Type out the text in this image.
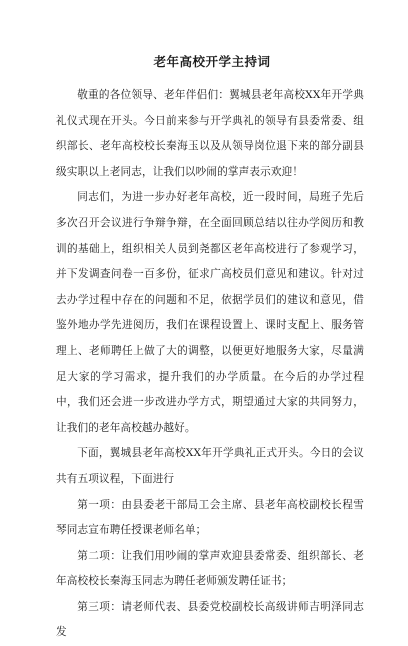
老年高校开学主持词

敬重的各位领导、老年伴侣们：翼城县老年高校XX年开学典礼仪式现在开头。今日前来参与开学典礼的领导有县委常委、组织部长、老年高校校长秦海玉以及从领导岗位退下来的部分副县级实职以上老同志，让我们以吵闹的掌声表示欢迎！

同志们，为进一步办好老年高校，近一段时间，局班子先后多次召开会议进行争辩争辩，在全面回顾总结以往办学阅历和教训的基础上，组织相关人员到尧都区老年高校进行了参观学习，并下发调查问卷一百多份，征求广高校员们意见和建议。针对过去办学过程中存在的问题和不足，依据学员们的建议和意见，借鉴外地办学先进阅历，我们在课程设置上、课时支配上、服务管理上、老师聘任上做了大的调整，以便更好地服务大家，尽量满足大家的学习需求，提升我们的办学质量。在今后的办学过程中，我们还会进一步改进办学方式，期望通过大家的共同努力，让我们的老年高校越办越好。

下面，翼城县老年高校XX年开学典礼正式开头。今日的会议共有五项议程，下面进行

第一项：由县委老干部局工会主席、县老年高校副校长程雪琴同志宣布聘任授课老师名单；

第二项：让我们用吵闹的掌声欢迎县委常委、组织部长、老年高校校长秦海玉同志为聘任老师颁发聘任证书；

第三项：请老师代表、县委党校副校长高级讲师吉明泽同志发
